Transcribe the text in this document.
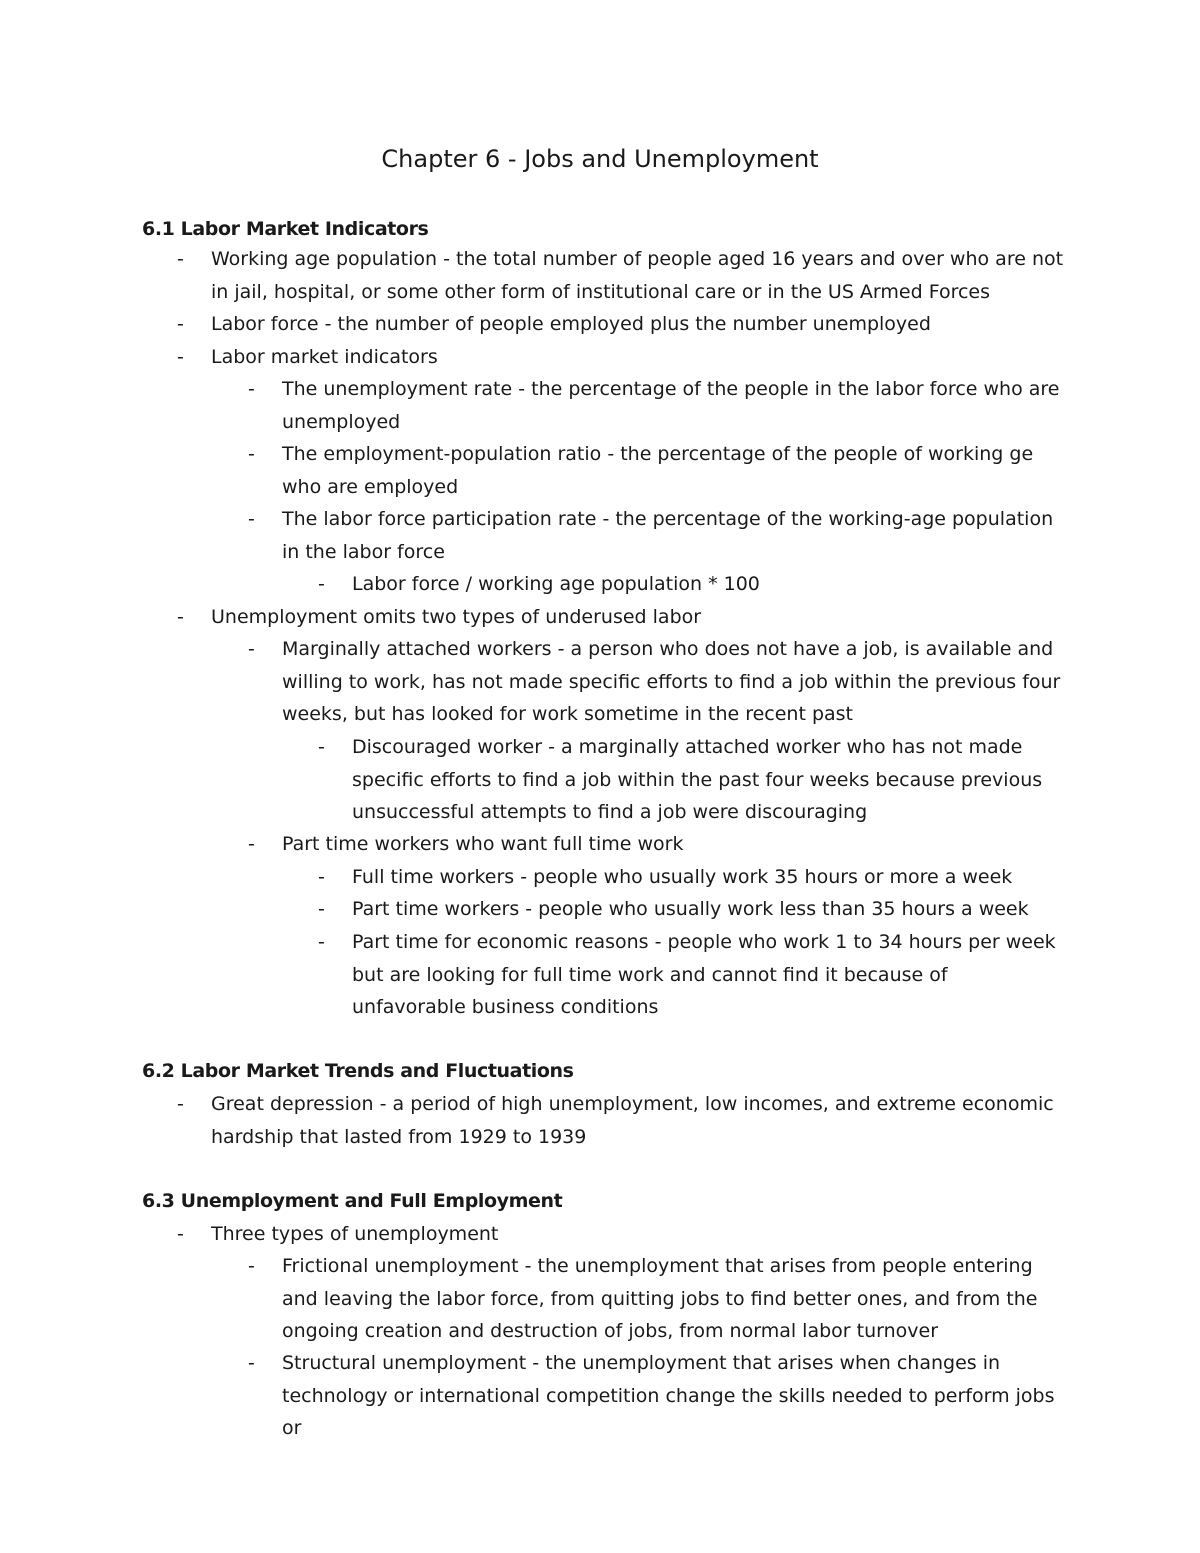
Chapter 6 - Jobs and Unemployment
6.1 Labor Market Indicators
- Working age population - the total number of people aged 16 years and over who are not in jail, hospital, or some other form of institutional care or in the US Armed Forces
- Labor force - the number of people employed plus the number unemployed
- Labor market indicators
- The unemployment rate - the percentage of the people in the labor force who are unemployed
- The employment-population ratio - the percentage of the people of working ge who are employed
- The labor force participation rate - the percentage of the working-age population in the labor force
- Labor force / working age population * 100
- Unemployment omits two types of underused labor
- Marginally attached workers - a person who does not have a job, is available and willing to work, has not made specific efforts to find a job within the previous four weeks, but has looked for work sometime in the recent past
- Discouraged worker - a marginally attached worker who has not made specific efforts to find a job within the past four weeks because previous unsuccessful attempts to find a job were discouraging
- Part time workers who want full time work
- Full time workers - people who usually work 35 hours or more a week
- Part time workers - people who usually work less than 35 hours a week
- Part time for economic reasons - people who work 1 to 34 hours per week but are looking for full time work and cannot find it because of unfavorable business conditions
6.2 Labor Market Trends and Fluctuations
- Great depression - a period of high unemployment, low incomes, and extreme economic hardship that lasted from 1929 to 1939
6.3 Unemployment and Full Employment
- Three types of unemployment
- Frictional unemployment - the unemployment that arises from people entering and leaving the labor force, from quitting jobs to find better ones, and from the ongoing creation and destruction of jobs, from normal labor turnover
- Structural unemployment - the unemployment that arises when changes in technology or international competition change the skills needed to perform jobs or
